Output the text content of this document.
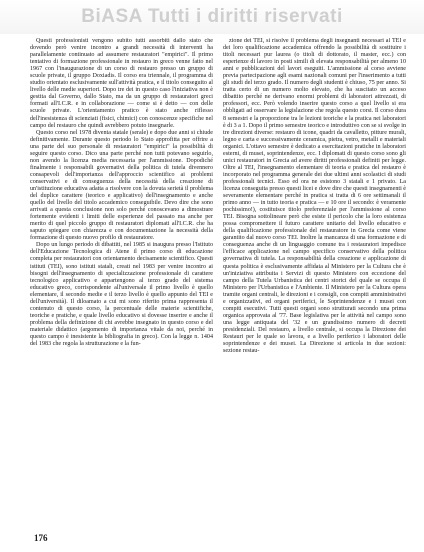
BiASA Tutti i diritti riservati

Questi professionisti vengono subito tutti assorbiti dallo stato che dovendo però venire incontro a grandi necessità di interventi ha parallelamente continuato ad assumere restauratori "empirici". Il primo tentativo di formazione professionale in restauro in greco venne fatto nel 1967 con l'inaugurazione di un corso di restauro presso un gruppo di scuole private, il gruppo Doxiadis. Il corso era triennale, il programma di studio orientato esclusivamente sull'attività pratica, e il titolo conseguito al livello delle medie superiori. Dopo tre dei in questo caso l'iniziativa non è gestita dal Governo, dallo Stato, ma da un gruppo di restauratori greci formati all'I.C.R. e in collaborazione — come si è detto — con delle scuole private. L'orientamento pratico è stato anche riflesso dell'inesistenza di scienziati (fisici, chimici) con conoscenze specifiche nel campo del restauro che quindi avrebbero potuto insegnarle.

Questo corso nel 1978 diventa statale (serale) e dopo due anni si chiude definitivamente. Durante questo periodo lo Stato approfitta per offrire a una parte del suo personale di restauratori "empirici" la possibilità di seguire questo corso. Dico una parte perché non tutti potevano seguirlo, non avendo la licenza media necessaria per l'ammissione. Dopodiché finalmente i responsabili governativi della politica di tutela divennero consapevoli dell'importanza dell'approccio scientifico ai problemi conservativi e di conseguenza della necessità della creazione di un'istituzione educativa adatta a risolvere con la dovuta serietà il problema del duplice carattere (teorico e applicativo) dell'insegnamento e anche quello del livello del titolo accademico conseguibile. Devo dire che sono arrivati a questa conclusione non solo perché conoscevano a dimostrare fortemente evidenti i limiti delle esperienze del passato ma anche per merito di quel piccolo gruppo di restauratori diplomati all'I.C.R. che ha saputo spiegare con chiarezza e con documentazione la necessità della formazione di questo nuovo profilo di restauratore.

Dopo un lungo periodo di dibattiti, nel 1985 si inaugura presso l'Istituto dell'Educazione Tecnologica di Atene il primo corso di educazione completa per restauratori con orientamento decisamente scientifico. Questi istituti (TEI), sono istituti statali, creati nel 1983 per venire incontro ai bisogni dell'insegnamento di specializzazione professionale di carattere tecnologico applicativo e appartengono al terzo grado del sistema educativo greco, corrispondente all'universale il primo livello è quello elementare, il secondo medie e il terzo livello è quello appunto del TEI e dell'università). Il diloamato a cui mi sono riferito prima rappresenta il contenuto di questo corso, la percentuale delle materie scientifiche, teoriche e pratiche, e quale livello educativo si dovesse inserire e anche il problema della definizione di chi avrebbe insegnato in questo corso e del materiale didattico (argomento di importanza vitale da noi, perché in questo campo è inesistente la bibliografia in greco). Con la legge n. 1404 del 1983 che regola la strutturazione e la fun-

zione dei TEI, si risolve il problema degli insegnanti necessari al TEI e dei loro qualificazione accademica offrendo la possibilità di sostituire i titoli necessari pur laurea (o titoli di dottorato, il master, ecc.) con esperienze di lavoro in posti simili di elevata responsabilità per almeno 10 anni e pubblicazioni del lavori eseguiti. L'ammissione al corso avviene previa partecipazione agli esami nazionali comuni per l'inserimento a tutti gli studi del terzo grado. Il numero degli studenti è chiuso, 75 per anno. Si tratta certo di un numero molto elevato, che ha suscitato un acceso dibattito perché ne derivano enormi problemi di laboratori attrezzati, di professori, ecc. Però volendo inserire questo corso a quel livello si era obbligati ad osservare la legislazione che regola questo corsi. Il corso dura 8 semestri e la proporzione tra le lezioni teoriche e la pratica nei laboratori è di 3 a 1. Dopo il primo semestre teorico e introduttivo con se si svolge in tre direzioni diverse: restauro di icone, quadri da cavalletto, pitture murali, legno e carta e successivamente ceramica, pietra, vetro, metalli e materiali organici. L'ottavo semestre è dedicato a esercitazioni pratiche in laboratori esterni, di musei, soprintendenze, ecc. I diplomati di questo corso sono gli unici restauratori in Grecia ad avere diritti professionali definiti per legge. Oltre al TEI, l'insegnamento elementare di teoria e pratica del restauro è incorporato nel programma generale dei due ultimi anni scolastici di studi professionali tecnici. Esso ed ora ne esistono 3 statali e 1 privato. La licenza conseguita presso questi licei e dove dire che questi insegnamenti è severamente elementare perché in pratica si tratta di 6 ore settimanali il primo anno — in tutto teoria e pratica — e 10 ore il secondo: è veramente pochissimo!), costituisce titolo preferenziale per l'ammissione al corso TEI. Bisogna sottolineare però che esiste il pericolo che la loro esistenza possa compromettere il futuro carattere unitario del livello educativo e della qualificazione professionale del restauratore in Grecia come viene garantito dal nuovo corso TEI. Inoltre la mancanza di una formazione e di conseguenza anche di un linguaggio comune tra i restauratori impedisce l'efficace applicazione nel campo specifico conservativo della politica governativa di tutela. La responsabilità della creazione e applicazione di questa politica è esclusivamente affidata al Ministero per la Cultura che è un'iniziativa attribuita i Servizi di questo Ministero con eccezione del campo della Tutela Urbanistica dei centri storici del quale se occupa il Ministero per l'Urbanistica e l'Ambiente. Il Ministero per la Cultura opera tramite organi centrali, le direzioni e i consigli, con compiti amministrativi e organizzativi, ed organi periferici, le Soprintendenze e i musei con compiti esecutivi. Tutti questi organi sono strutturati secondo una prima organica approvata al '77. Base legislativa per le attività nel campo sono una legge antiquata del '32 e un grandissimo numero di decreti presidenziali. Del restauro, a livello centrale, si occupa la Direzione dei Restauri per le quale so lavora, e a livello periferico i laboratori delle soprintendenze e dei musei. La Direzione si articola in due sezioni: sezione restau-

176
